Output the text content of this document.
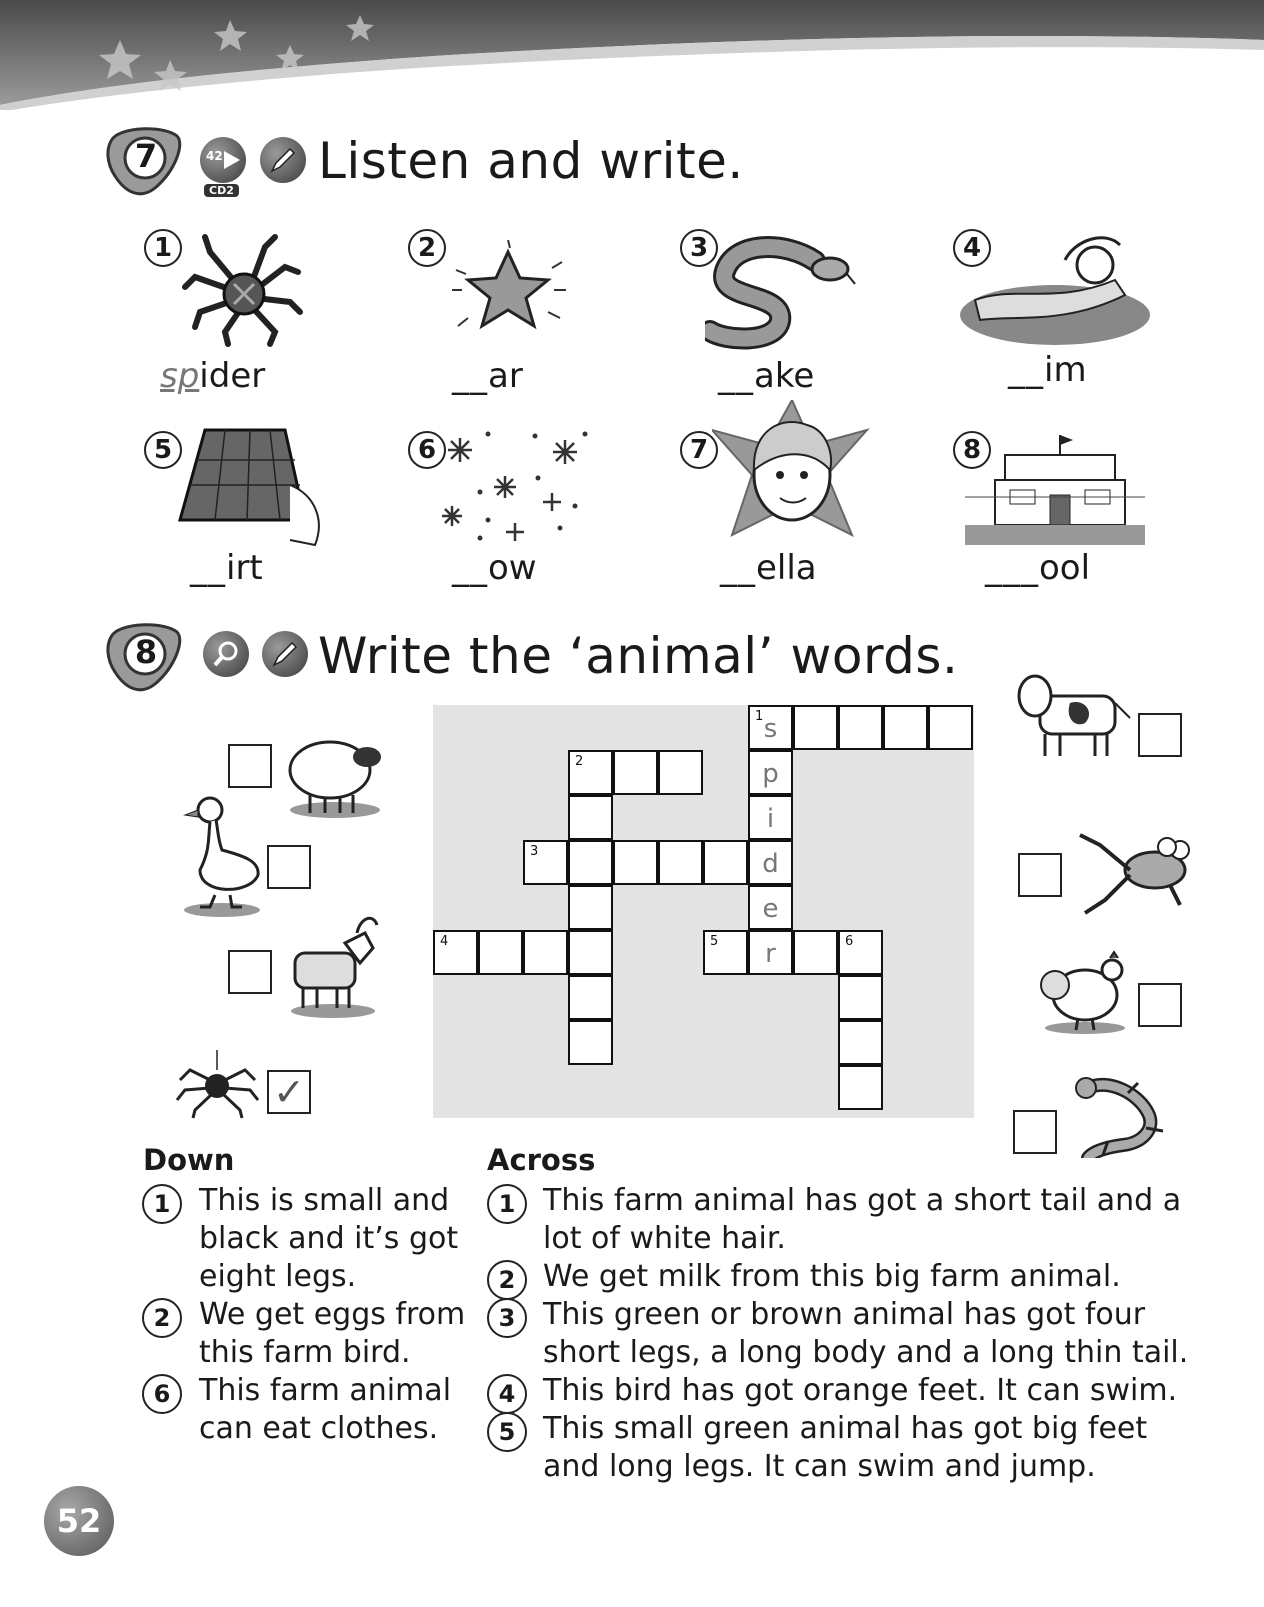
7	42
CD2
Listen and write.
1
spider
2
__ar
3
__ake
4
__im
5
__irt
6
__ow
7
__ella
8
___ool
8	Write the ‘animal’ words.
1 s
p
i
d
e
r
2
3
4	5	6
✓
Down
1 This is small and
black and it’s got
eight legs.
2 We get eggs from
this farm bird.
6 This farm animal
can eat clothes.
Across
1 This farm animal has got a short tail and a
lot of white hair.
2 We get milk from this big farm animal.
3 This green or brown animal has got four
short legs, a long body and a long thin tail.
4 This bird has got orange feet. It can swim.
5 This small green animal has got big feet
and long legs. It can swim and jump.
52
